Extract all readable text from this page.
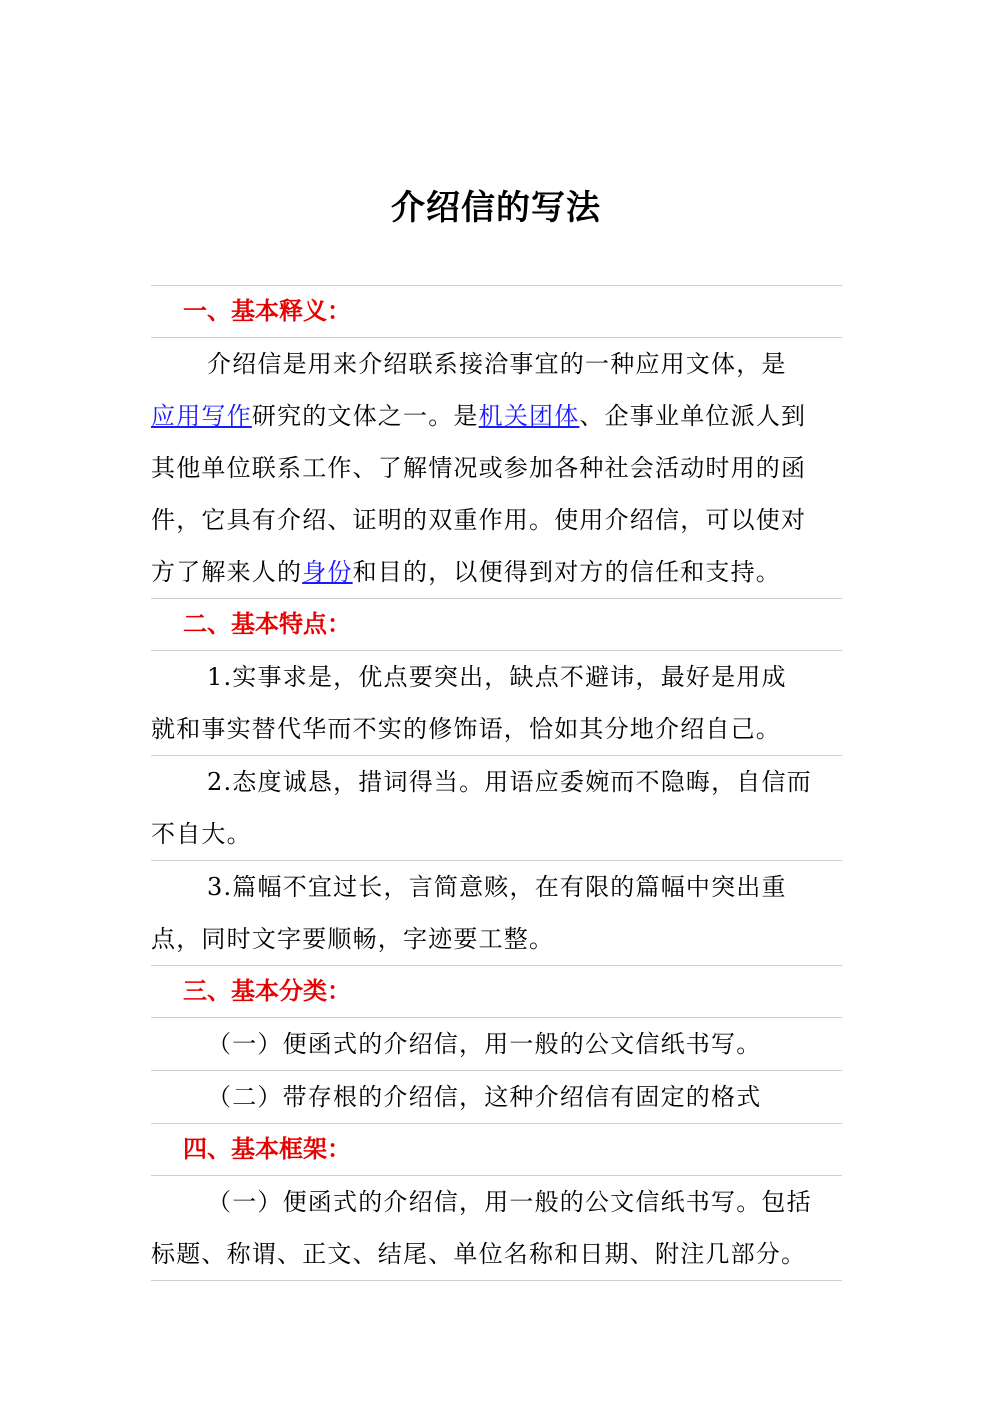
介绍信的写法
一、基本释义：
介绍信是用来介绍联系接洽事宜的一种应用文体，是
应用写作研究的文体之一。是机关团体、企事业单位派人到
其他单位联系工作、了解情况或参加各种社会活动时用的函
件，它具有介绍、证明的双重作用。使用介绍信，可以使对
方了解来人的身份和目的，以便得到对方的信任和支持。
二、基本特点：
1.实事求是，优点要突出，缺点不避讳，最好是用成
就和事实替代华而不实的修饰语，恰如其分地介绍自己。
2.态度诚恳，措词得当。用语应委婉而不隐晦，自信而
不自大。
3.篇幅不宜过长，言简意赅，在有限的篇幅中突出重
点，同时文字要顺畅，字迹要工整。
三、基本分类：
（一）便函式的介绍信，用一般的公文信纸书写。
（二）带存根的介绍信，这种介绍信有固定的格式
四、基本框架：
（一）便函式的介绍信，用一般的公文信纸书写。包括
标题、称谓、正文、结尾、单位名称和日期、附注几部分。
